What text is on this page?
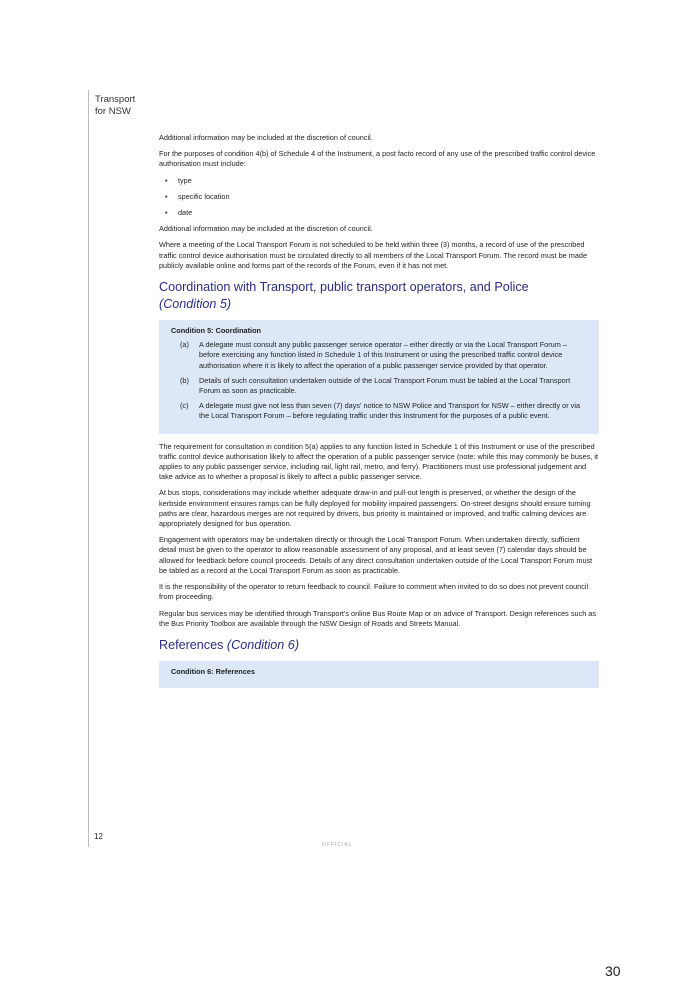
Transport
for NSW

Additional information may be included at the discretion of council.

For the purposes of condition 4(b) of Schedule 4 of the Instrument, a post facto record of any use of the prescribed traffic control device authorisation must include:

• type
• specific location
• date

Additional information may be included at the discretion of council.

Where a meeting of the Local Transport Forum is not scheduled to be held within three (3) months, a record of use of the prescribed traffic control device authorisation must be circulated directly to all members of the Local Transport Forum. The record must be made publicly available online and forms part of the records of the Forum, even if it has not met.

Coordination with Transport, public transport operators, and Police
(Condition 5)
Condition 5: Coordination
(a) A delegate must consult any public passenger service operator – either directly or via the Local Transport Forum – before exercising any function listed in Schedule 1 of this Instrument or using the prescribed traffic control device authorisation where it is likely to affect the operation of a public passenger service provided by that operator.
(b) Details of such consultation undertaken outside of the Local Transport Forum must be tabled at the Local Transport Forum as soon as practicable.
(c) A delegate must give not less than seven (7) days' notice to NSW Police and Transport for NSW – either directly or via the Local Transport Forum – before regulating traffic under this Instrument for the purposes of a public event.

The requirement for consultation in condition 5(a) applies to any function listed in Schedule 1 of this Instrument or use of the prescribed traffic control device authorisation likely to affect the operation of a public passenger service (note: while this may commonly be buses, it applies to any public passenger service, including rail, light rail, metro, and ferry). Practitioners must use professional judgement and take advice as to whether a proposal is likely to affect a public passenger service.

At bus stops, considerations may include whether adequate draw-in and pull-out length is preserved, or whether the design of the kerbside environment ensures ramps can be fully deployed for mobility impaired passengers. On-street designs should ensure turning paths are clear, hazardous merges are not required by drivers, bus priority is maintained or improved, and traffic calming devices are appropriately designed for bus operation.

Engagement with operators may be undertaken directly or through the Local Transport Forum. When undertaken directly, sufficient detail must be given to the operator to allow reasonable assessment of any proposal, and at least seven (7) calendar days should be allowed for feedback before council proceeds. Details of any direct consultation undertaken outside of the Local Transport Forum must be tabled as a record at the Local Transport Forum as soon as practicable.

It is the responsibility of the operator to return feedback to council. Failure to comment when invited to do so does not prevent council from proceeding.

Regular bus services may be identified through Transport's online Bus Route Map or on advice of Transport. Design references such as the Bus Priority Toolbox are available through the NSW Design of Roads and Streets Manual.

References (Condition 6)
Condition 6: References
12
OFFICIAL
30
